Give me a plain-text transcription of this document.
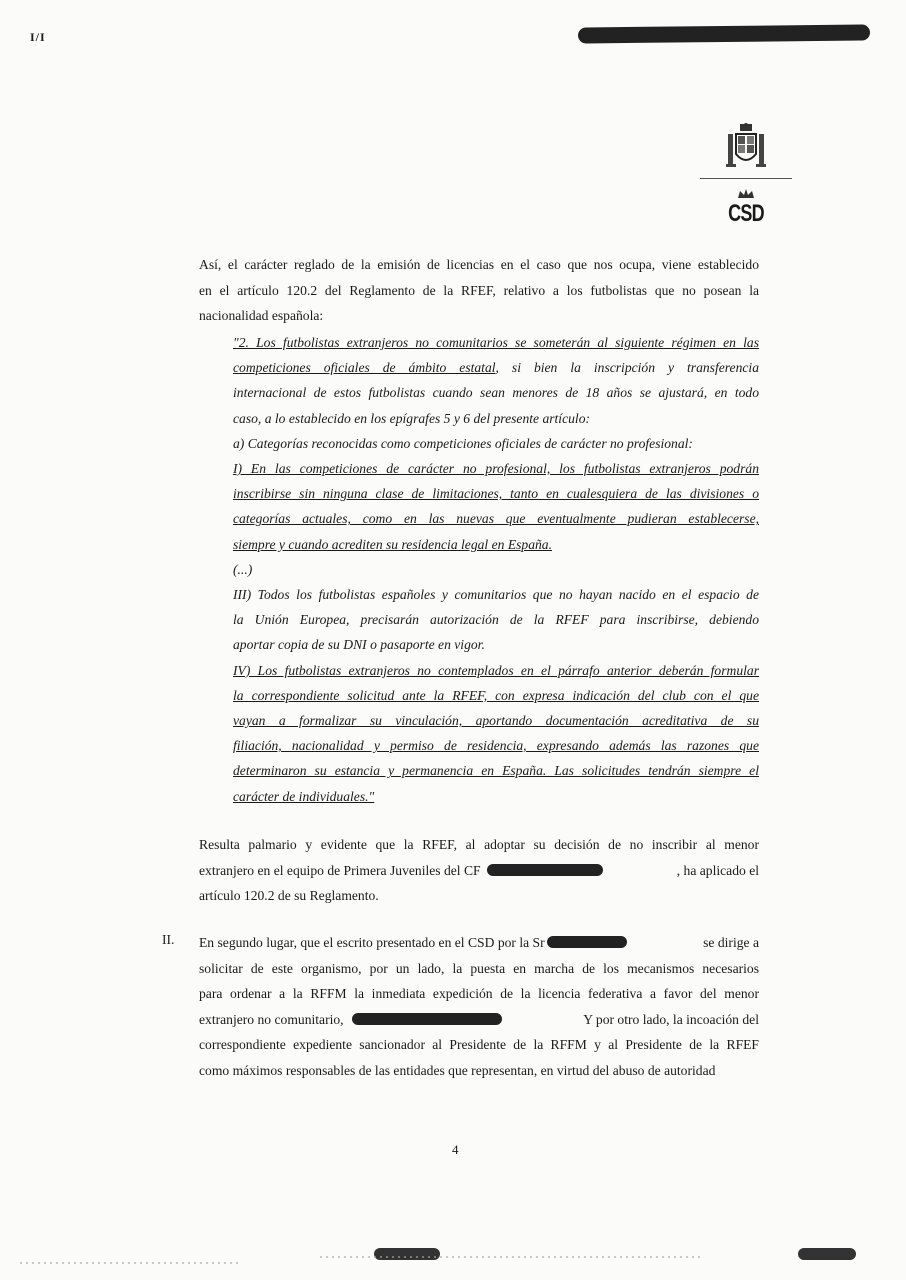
I/I
CSD
Así, el carácter reglado de la emisión de licencias en el caso que nos ocupa, viene establecido
en el artículo 120.2 del Reglamento de la RFEF, relativo a los futbolistas que no posean la
nacionalidad española:
"2. Los futbolistas extranjeros no comunitarios se someterán al siguiente régimen en las
competiciones oficiales de ámbito estatal, si bien la inscripción y transferencia
internacional de estos futbolistas cuando sean menores de 18 años se ajustará, en todo
caso, a lo establecido en los epígrafes 5 y 6 del presente artículo:
a) Categorías reconocidas como competiciones oficiales de carácter no profesional:
I) En las competiciones de carácter no profesional, los futbolistas extranjeros podrán
inscribirse sin ninguna clase de limitaciones, tanto en cualesquiera de las divisiones o
categorías actuales, como en las nuevas que eventualmente pudieran establecerse,
siempre y cuando acrediten su residencia legal en España.
(...)
III) Todos los futbolistas españoles y comunitarios que no hayan nacido en el espacio de
la Unión Europea, precisarán autorización de la RFEF para inscribirse, debiendo
aportar copia de su DNI o pasaporte en vigor.
IV) Los futbolistas extranjeros no contemplados en el párrafo anterior deberán formular
la correspondiente solicitud ante la RFEF, con expresa indicación del club con el que
vayan a formalizar su vinculación, aportando documentación acreditativa de su
filiación, nacionalidad y permiso de residencia, expresando además las razones que
determinaron su estancia y permanencia en España. Las solicitudes tendrán siempre el
carácter de individuales."
Resulta palmario y evidente que la RFEF, al adoptar su decisión de no inscribir al menor
extranjero en el equipo de Primera Juveniles del CF	, ha aplicado el
artículo 120.2 de su Reglamento.
II. En segundo lugar, que el escrito presentado en el CSD por la Sr	se dirige a
solicitar de este organismo, por un lado, la puesta en marcha de los mecanismos necesarios
para ordenar a la RFFM la inmediata expedición de la licencia federativa a favor del menor
extranjero no comunitario,	Y por otro lado, la incoación del
correspondiente expediente sancionador al Presidente de la RFFM y al Presidente de la RFEF
como máximos responsables de las entidades que representan, en virtud del abuso de autoridad
4
